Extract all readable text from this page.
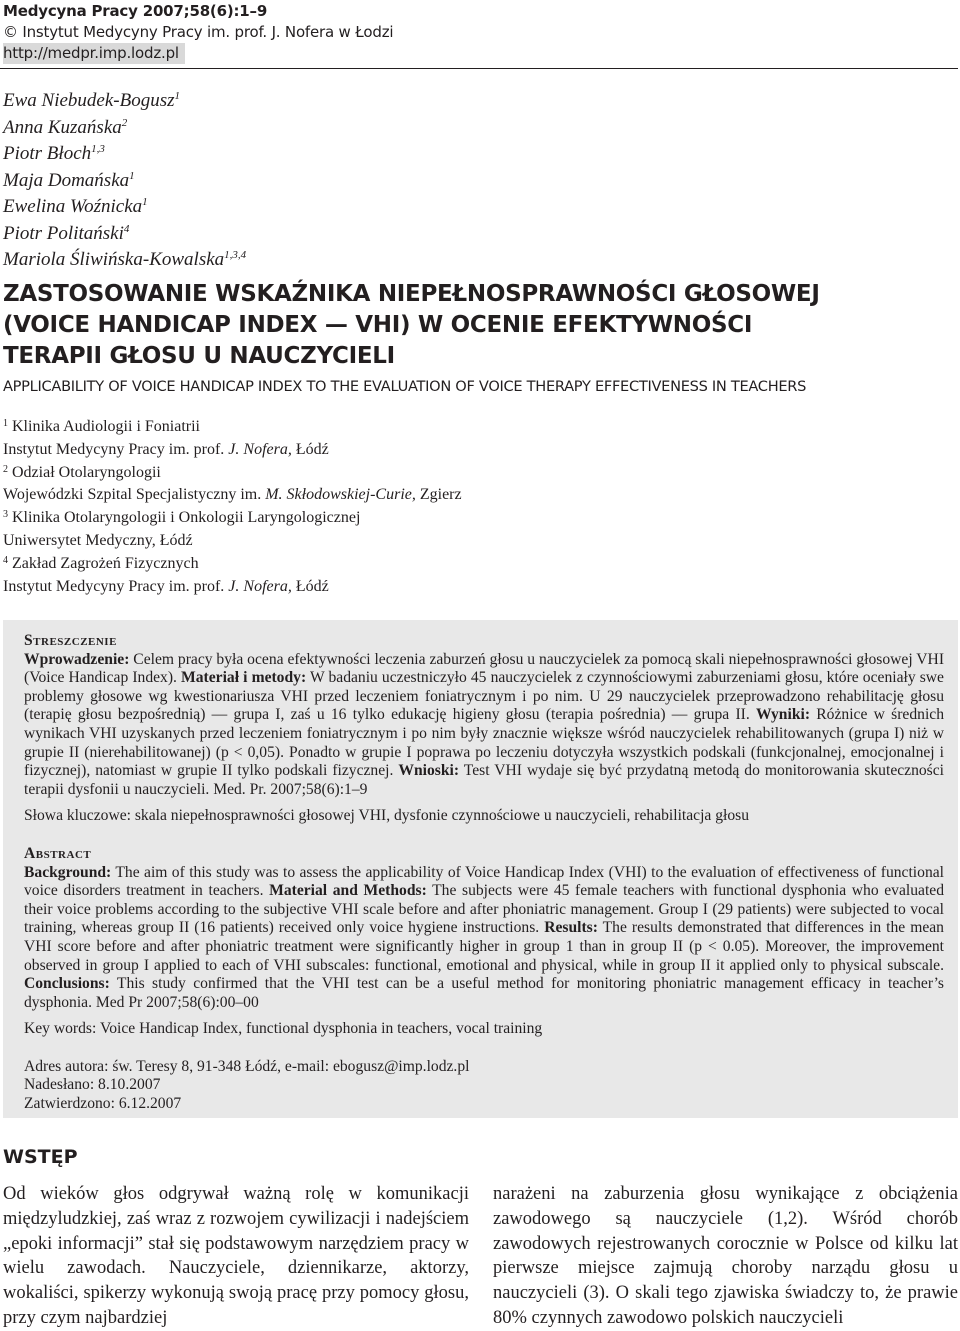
Medycyna Pracy 2007;58(6):1–9
© Instytut Medycyny Pracy im. prof. J. Nofera w Łodzi
http://medpr.imp.lodz.pl
Ewa Niebudek-Bogusz$^1$
Anna Kuzańska$^2$
Piotr Błoch$^{1,3}$
Maja Domańska$^1$
Ewelina Woźnicka$^1$
Piotr Politański$^4$
Mariola Śliwińska-Kowalska$^{1,3,4}$
ZASTOSOWANIE WSKAŹNIKA NIEPEŁNOSPRAWNOŚCI GŁOSOWEJ
(VOICE HANDICAP INDEX — VHI) W OCENIE EFEKTYWNOŚCI
TERAPII GŁOSU U NAUCZYCIELI
APPLICABILITY OF VOICE HANDICAP INDEX TO THE EVALUATION OF VOICE THERAPY EFFECTIVENESS IN TEACHERS
$^1$ Klinika Audiologii i Foniatrii
Instytut Medycyny Pracy im. prof. J. Nofera, Łódź
$^2$ Odział Otolaryngologii
Wojewódzki Szpital Specjalistyczny im. M. Skłodowskiej-Curie, Zgierz
$^3$ Klinika Otolaryngologii i Onkologii Laryngologicznej
Uniwersytet Medyczny, Łódź
$^4$ Zakład Zagrożeń Fizycznych
Instytut Medycyny Pracy im. prof. J. Nofera, Łódź
Streszczenie
Wprowadzenie: Celem pracy była ocena efektywności leczenia zaburzeń głosu u nauczycielek za pomocą skali niepełnosprawności głosowej VHI (Voice Handicap Index). Materiał i metody: W badaniu uczestniczyło 45 nauczycielek z czynnościowymi zaburzeniami głosu, które oceniały swe problemy głosowe wg kwestionariusza VHI przed leczeniem foniatrycznym i po nim. U 29 nauczycielek przeprowadzono rehabilitację głosu (terapię głosu bezpośrednią) — grupa I, zaś u 16 tylko edukację higieny głosu (terapia pośrednia) — grupa II. Wyniki: Różnice w średnich wynikach VHI uzyskanych przed leczeniem foniatrycznym i po nim były znacznie większe wśród nauczycielek rehabilitowanych (grupa I) niż w grupie II (nierehabilitowanej) (p < 0,05). Ponadto w grupie I poprawa po leczeniu dotyczyła wszystkich podskali (funkcjonalnej, emocjonalnej i fizycznej), natomiast w grupie II tylko podskali fizycznej. Wnioski: Test VHI wydaje się być przydatną metodą do monitorowania skuteczności terapii dysfonii u nauczycieli. Med. Pr. 2007;58(6):1–9
Słowa kluczowe: skala niepełnosprawności głosowej VHI, dysfonie czynnościowe u nauczycieli, rehabilitacja głosu
Abstract
Background: The aim of this study was to assess the applicability of Voice Handicap Index (VHI) to the evaluation of effectiveness of functional voice disorders treatment in teachers. Material and Methods: The subjects were 45 female teachers with functional dysphonia who evaluated their voice problems according to the subjective VHI scale before and after phoniatric management. Group I (29 patients) were subjected to vocal training, whereas group II (16 patients) received only voice hygiene instructions. Results: The results demonstrated that differences in the mean VHI score before and after phoniatric treatment were significantly higher in group 1 than in group II (p < 0.05). Moreover, the improvement observed in group I applied to each of VHI subscales: functional, emotional and physical, while in group II it applied only to physical subscale. Conclusions: This study confirmed that the VHI test can be a useful method for monitoring phoniatric management efficacy in teacher’s dysphonia. Med Pr 2007;58(6):00–00
Key words: Voice Handicap Index, functional dysphonia in teachers, vocal training
Adres autora: św. Teresy 8, 91-348 Łódź, e-mail: ebogusz@imp.lodz.pl
Nadesłano: 8.10.2007
Zatwierdzono: 6.12.2007
WSTĘP
Od wieków głos odgrywał ważną rolę w komunikacji międzyludzkiej, zaś wraz z rozwojem cywilizacji i nadejściem „epoki informacji” stał się podstawowym narzędziem pracy w wielu zawodach. Nauczyciele, dziennikarze, aktorzy, wokaliści, spikerzy wykonują swoją pracę przy pomocy głosu, przy czym najbardziej
narażeni na zaburzenia głosu wynikające z obciążenia zawodowego są nauczyciele (1,2). Wśród chorób zawodowych rejestrowanych corocznie w Polsce od kilku lat pierwsze miejsce zajmują choroby narządu głosu u nauczycieli (3). O skali tego zjawiska świadczy to, że prawie 80% czynnych zawodowo polskich nauczycieli
